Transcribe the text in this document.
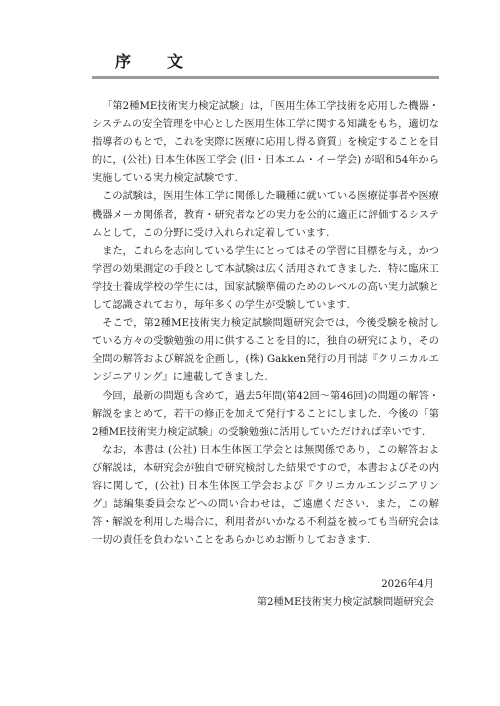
序　文

「第2種ME技術実力検定試験」は，「医用生体工学技術を応用した機器・システムの安全管理を中心とした医用生体工学に関する知識をもち，適切な指導者のもとで，これを実際に医療に応用し得る資質」を検定することを目的に，(公社) 日本生体医工学会 (旧・日本エム・イー学会) が昭和54年から実施している実力検定試験です.

この試験は，医用生体工学に関係した職種に就いている医療従事者や医療機器メーカ関係者，教育・研究者などの実力を公的に適正に評価するシステムとして，この分野に受け入れられ定着しています.

また，これらを志向している学生にとってはその学習に目標を与え，かつ学習の効果測定の手段として本試験は広く活用されてきました．特に臨床工学技士養成学校の学生には，国家試験準備のためのレベルの高い実力試験として認識されており，毎年多くの学生が受験しています.

そこで，第2種ME技術実力検定試験問題研究会では，今後受験を検討している方々の受験勉強の用に供することを目的に，独自の研究により，その全問の解答および解説を企画し，(株) Gakken発行の月刊誌『クリニカルエンジニアリング』に連載してきました.

今回，最新の問題も含めて，過去5年間(第42回〜第46回)の問題の解答・解説をまとめて，若干の修正を加えて発行することにしました．今後の「第2種ME技術実力検定試験」の受験勉強に活用していただければ幸いです.

なお，本書は (公社) 日本生体医工学会とは無関係であり，この解答および解説は，本研究会が独自で研究検討した結果ですので，本書およびその内容に関して，(公社) 日本生体医工学会および『クリニカルエンジニアリング』誌編集委員会などへの問い合わせは，ご遠慮ください．また，この解答・解説を利用した場合に，利用者がいかなる不利益を被っても当研究会は一切の責任を負わないことをあらかじめお断りしておきます.

2026年4月
第2種ME技術実力検定試験問題研究会
